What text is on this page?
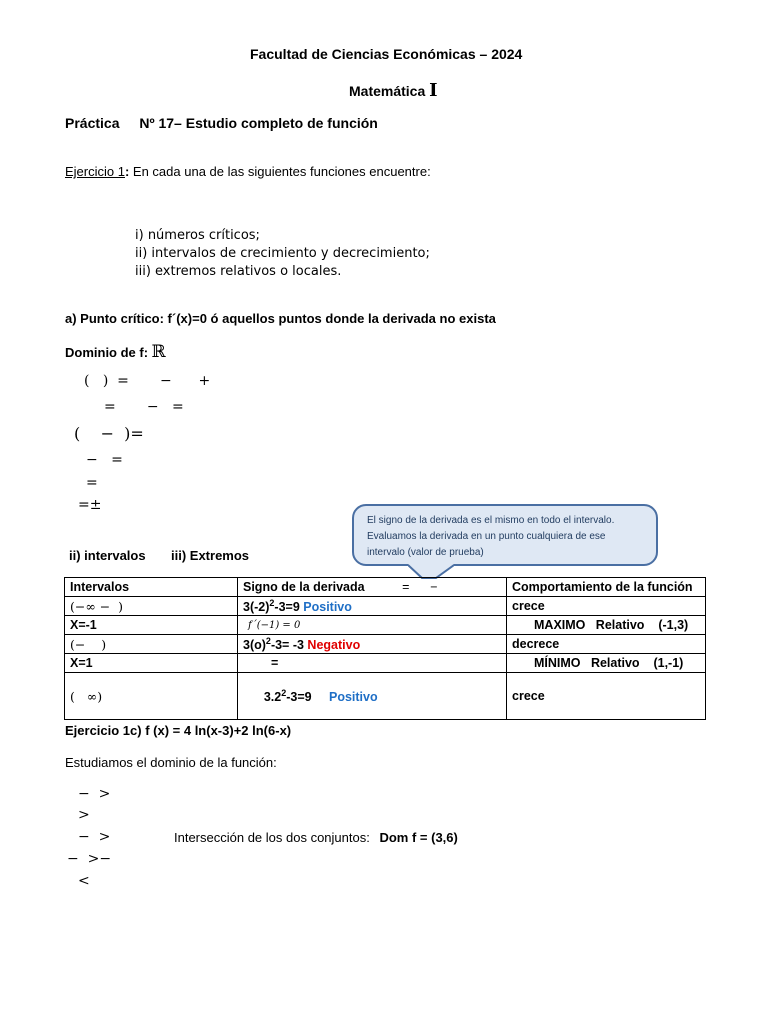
Facultad de Ciencias Económicas – 2024
Matemática I
Práctica Nº 17– Estudio completo de función
Ejercicio 1: En cada una de las siguientes funciones encuentre:
i) números críticos;
ii) intervalos de crecimiento y decrecimiento;
iii) extremos relativos o locales.
a) Punto crítico: f´(x)=0 ó aquellos puntos donde la derivada no exista
Dominio de f: ℝ
(   )  =       −      +
=       −   =
(    −  )=
−   =
=
=±
El signo de la derivada es el mismo en todo el intervalo.
Evaluamos la derivada en un punto cualquiera de ese
intervalo (valor de prueba)
ii) intervalos iii) Extremos
Intervalos	Signo de la derivada =      −	Comportamiento de la función
(−∞ −  )	$3(-2)^2-3=9$ Positivo	crece
X=-1	f´(−1) = 0	MAXIMO   Relativo    (-1,3)
(−    )	$3(o)^2-3= -3$ Negativo	decrece
X=1	=	MÍNIMO   Relativo    (1,-1)
(   ∞)	$3.2^2-3=9$     Positivo	crece
Ejercicio 1c) f (x) = 4 ln(x-3)+2 ln(6-x)
Estudiamos el dominio de la función:
−  >
>
−  >
−  >−
<
Intersección de los dos conjuntos: Dom f = (3,6)
